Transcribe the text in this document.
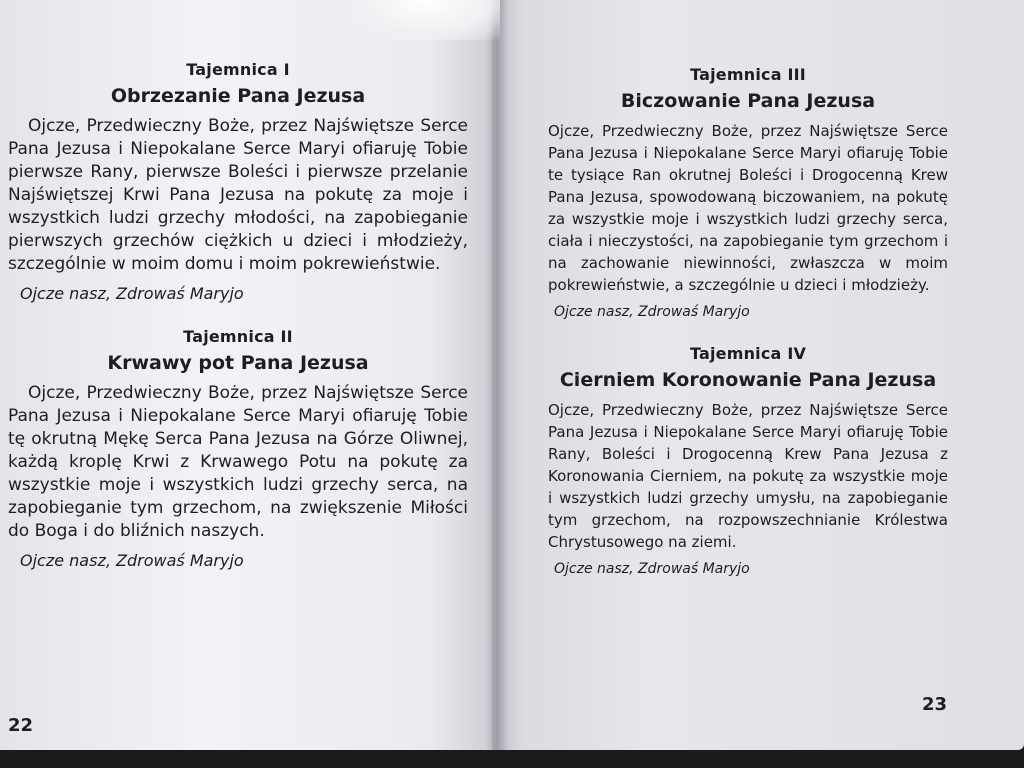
Tajemnica I

Obrzezanie Pana Jezusa

Ojcze, Przedwieczny Boże, przez Najświętsze Serce Pana Jezusa i Niepokalane Serce Maryi ofiaruję Tobie pierwsze Rany, pierwsze Boleści i pierwsze przelanie Najświętszej Krwi Pana Jezusa na pokutę za moje i wszystkich ludzi grzechy młodości, na zapobieganie pierwszych grzechów ciężkich u dzieci i młodzieży, szczególnie w moim domu i moim pokrewieństwie.

Ojcze nasz, Zdrowaś Maryjo

Tajemnica II

Krwawy pot Pana Jezusa

Ojcze, Przedwieczny Boże, przez Najświętsze Serce Pana Jezusa i Niepokalane Serce Maryi ofiaruję Tobie tę okrutną Mękę Serca Pana Jezusa na Górze Oliwnej, każdą kroplę Krwi z Krwawego Potu na pokutę za wszystkie moje i wszystkich ludzi grzechy serca, na zapobieganie tym grzechom, na zwiększenie Miłości do Boga i do bliźnich naszych.

Ojcze nasz, Zdrowaś Maryjo

Tajemnica III

Biczowanie Pana Jezusa

Ojcze, Przedwieczny Boże, przez Najświętsze Serce Pana Jezusa i Niepokalane Serce Maryi ofiaruję Tobie te tysiące Ran okrutnej Boleści i Drogocenną Krew Pana Jezusa, spowodowaną biczowaniem, na pokutę za wszystkie moje i wszystkich ludzi grzechy serca, ciała i nieczystości, na zapobieganie tym grzechom i na zachowanie niewinności, zwłaszcza w moim pokrewieństwie, a szczególnie u dzieci i młodzieży.

Ojcze nasz, Zdrowaś Maryjo

Tajemnica IV

Cierniem Koronowanie Pana Jezusa

Ojcze, Przedwieczny Boże, przez Najświętsze Serce Pana Jezusa i Niepokalane Serce Maryi ofiaruję Tobie Rany, Boleści i Drogocenną Krew Pana Jezusa z Koronowania Cierniem, na pokutę za wszystkie moje i wszystkich ludzi grzechy umysłu, na zapobieganie tym grzechom, na rozpowszechnianie Królestwa Chrystusowego na ziemi.

Ojcze nasz, Zdrowaś Maryjo

22
23
